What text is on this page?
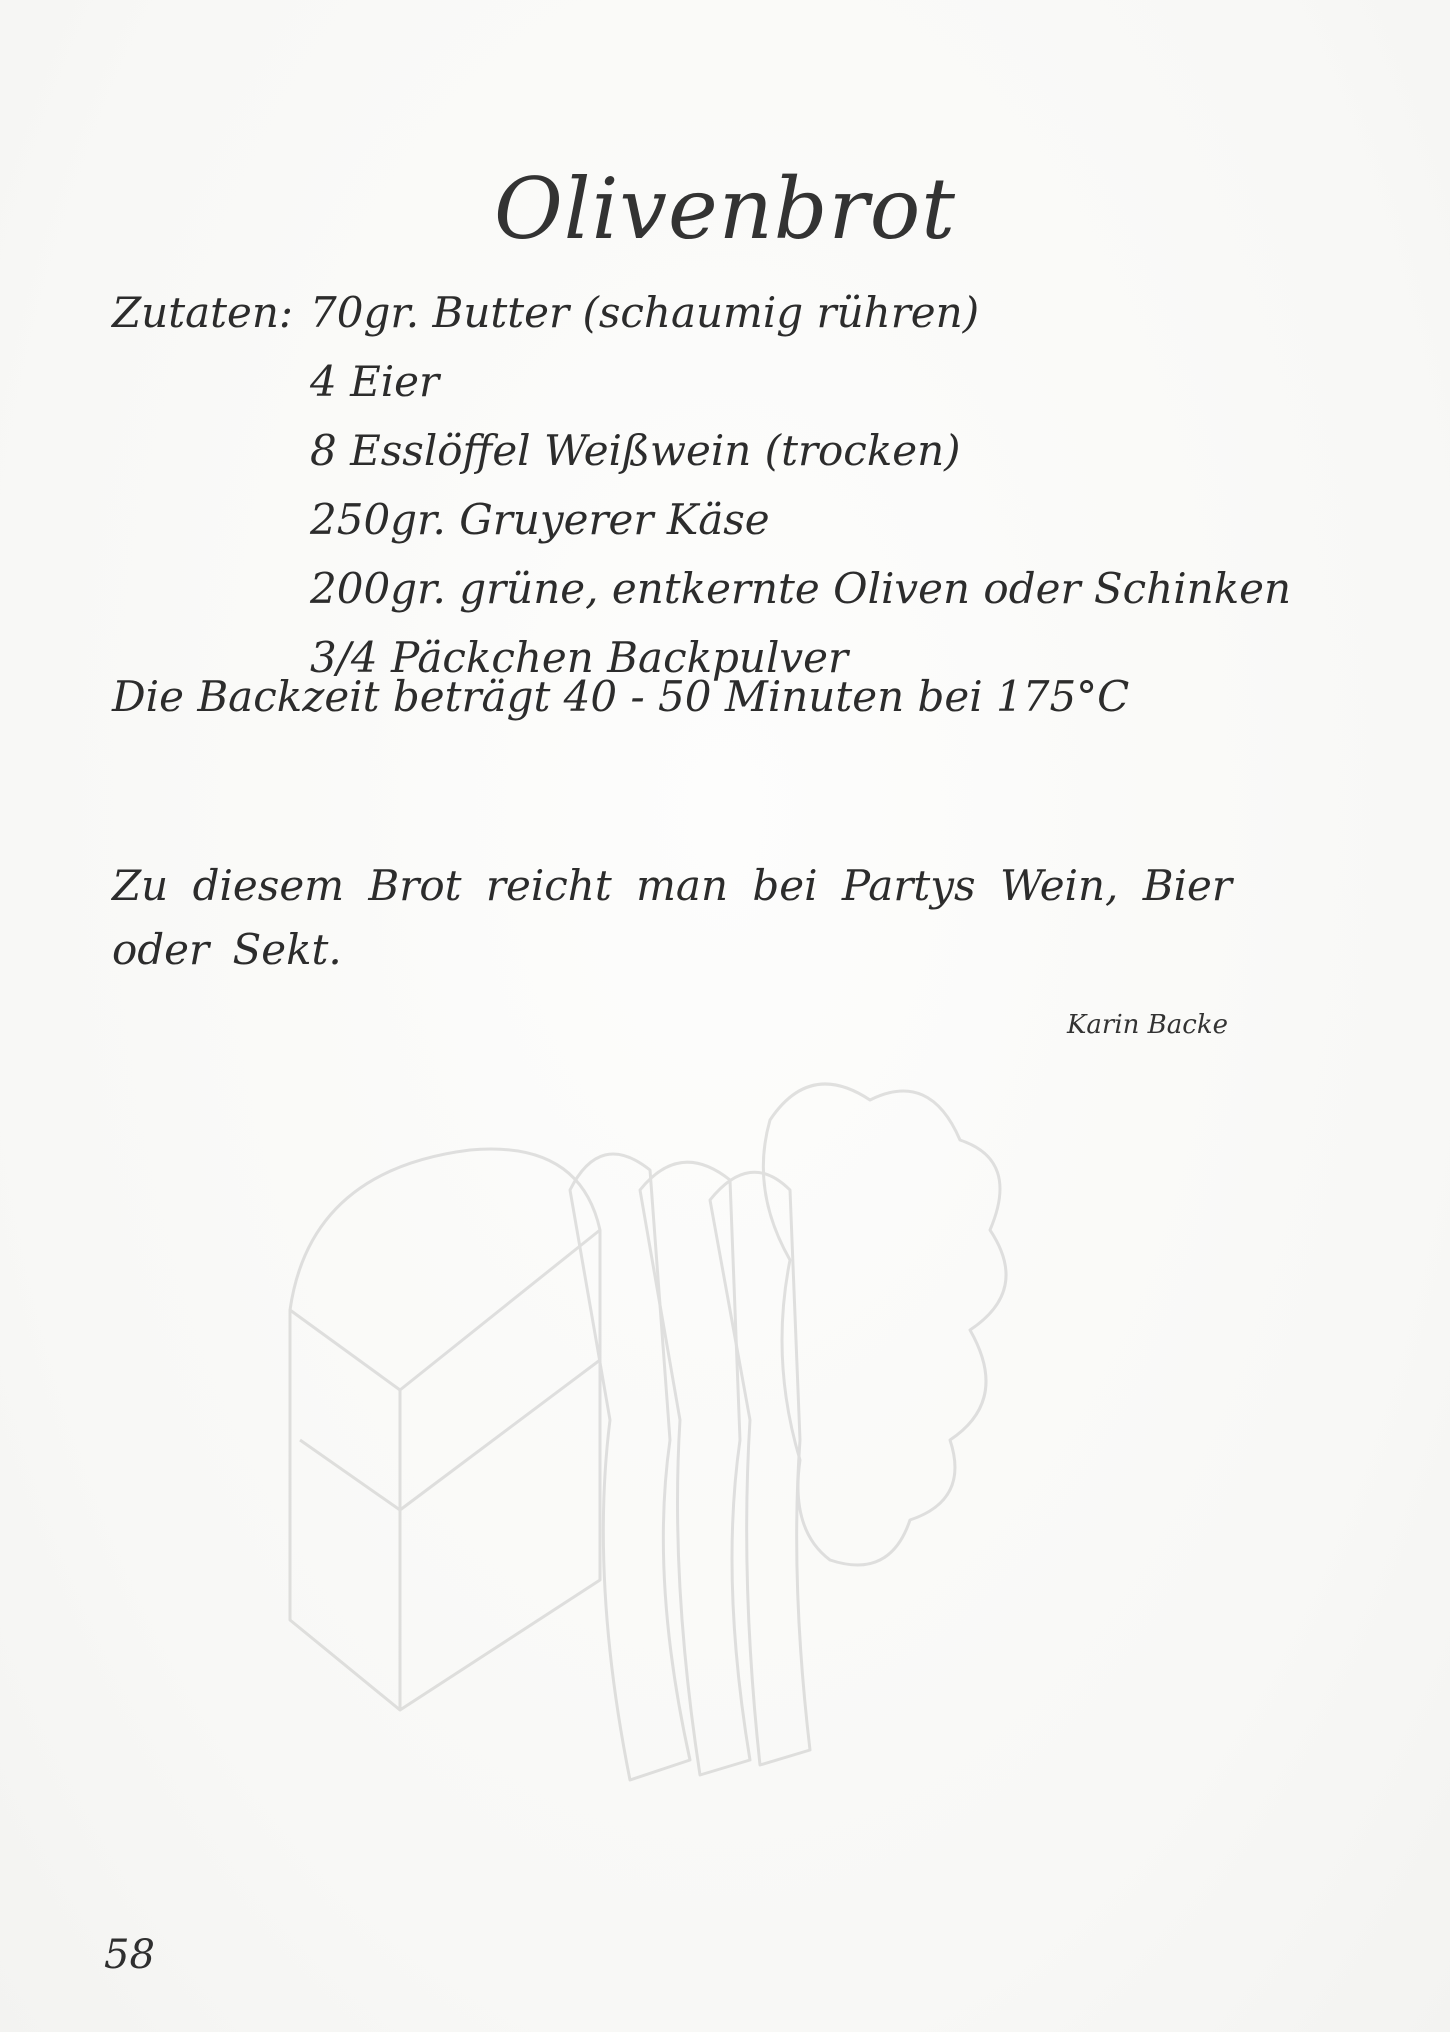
Olivenbrot
Zutaten: 70gr. Butter (schaumig rühren)
4 Eier
8 Esslöffel Weißwein (trocken)
250gr. Gruyerer Käse
200gr. grüne, entkernte Oliven oder Schinken
3/4 Päckchen Backpulver
Die Backzeit beträgt 40 - 50 Minuten bei 175°C

Zu diesem Brot reicht man bei Partys Wein, Bier oder Sekt.

Karin Backe
58
